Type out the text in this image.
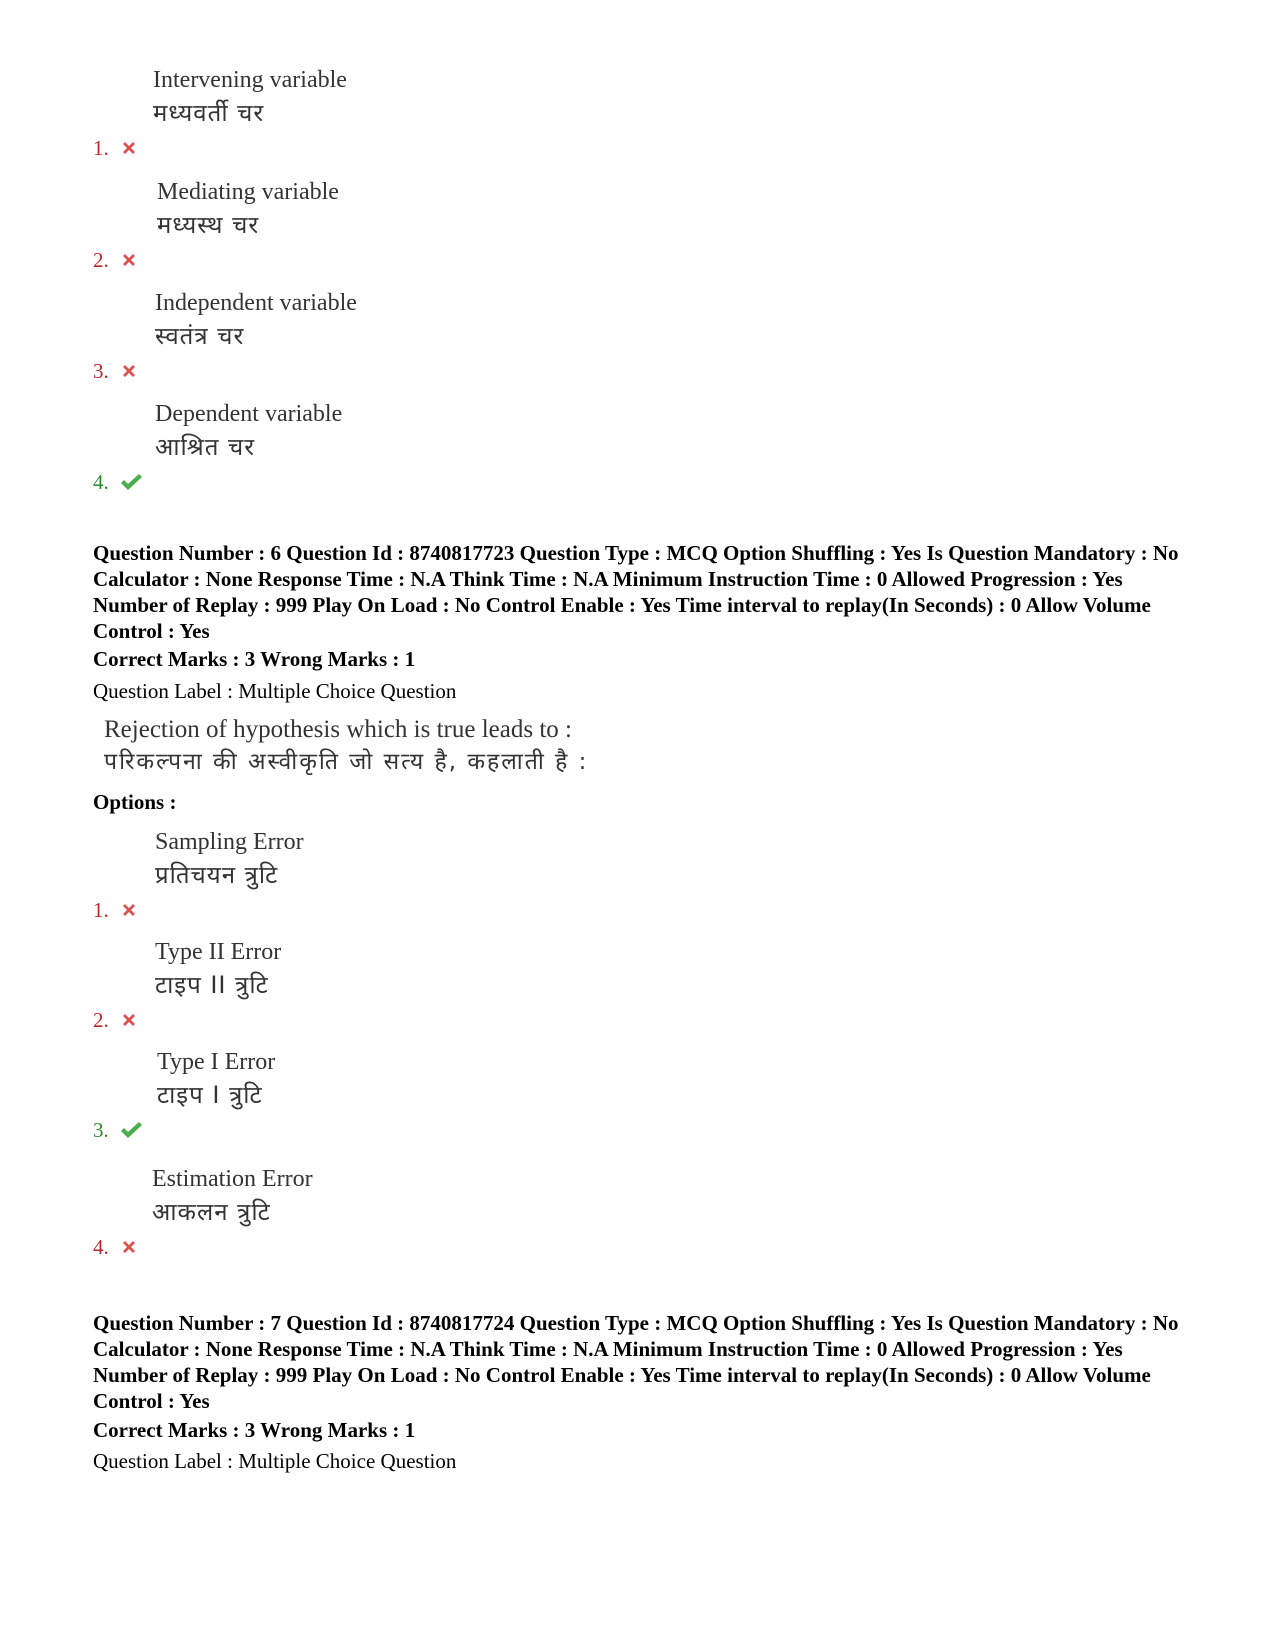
Intervening variable
मध्यवर्ती चर
1.
Mediating variable
मध्यस्थ चर
2.
Independent variable
स्वतंत्र चर
3.
Dependent variable
आश्रित चर
4.
Question Number : 6 Question Id : 8740817723 Question Type : MCQ Option Shuffling : Yes Is Question Mandatory : No Calculator : None Response Time : N.A Think Time : N.A Minimum Instruction Time : 0 Allowed Progression : Yes Number of Replay : 999 Play On Load : No Control Enable : Yes Time interval to replay(In Seconds) : 0 Allow Volume Control : Yes
Correct Marks : 3 Wrong Marks : 1
Question Label : Multiple Choice Question
Rejection of hypothesis which is true leads to :
परिकल्पना की अस्वीकृति जो सत्य है, कहलाती है :
Options :
Sampling Error
प्रतिचयन त्रुटि
1.
Type II Error
टाइप II त्रुटि
2.
Type I Error
टाइप I त्रुटि
3.
Estimation Error
आकलन त्रुटि
4.
Question Number : 7 Question Id : 8740817724 Question Type : MCQ Option Shuffling : Yes Is Question Mandatory : No Calculator : None Response Time : N.A Think Time : N.A Minimum Instruction Time : 0 Allowed Progression : Yes Number of Replay : 999 Play On Load : No Control Enable : Yes Time interval to replay(In Seconds) : 0 Allow Volume Control : Yes
Correct Marks : 3 Wrong Marks : 1
Question Label : Multiple Choice Question
